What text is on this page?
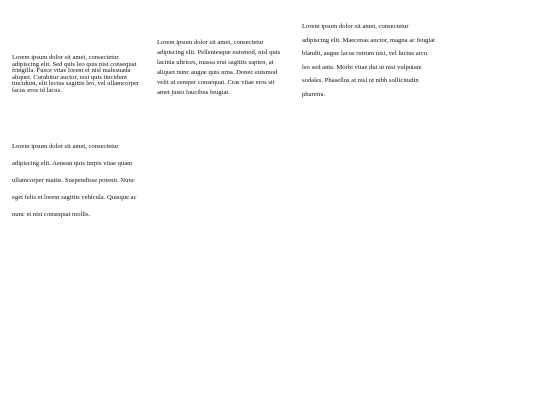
Lorem ipsum dolor sit amet, consectetur adipiscing elit. Sed quis leo quis nisi consequat fringilla. Fusce vitae lorem et nisl malesuada aliquet. Curabitur auctor, nisi quis tincidunt tincidunt, elit lectus sagittis leo, vel ullamcorper lacus eros id lacus.

Lorem ipsum dolor sit amet, consectetur adipiscing elit. Pellentesque euismod, nisl quis lacinia ultrices, massa erat sagittis sapien, at aliquet nunc augue quis urna. Donec euismod velit ut semper consequat. Cras vitae eros sit amet justo faucibus feugiat.

Lorem ipsum dolor sit amet, consectetur adipiscing elit. Maecenas auctor, magna ac feugiat blandit, augue lacus rutrum nisi, vel luctus arcu leo sed ante. Morbi vitae dui ut nisi vulputate sodales. Phasellus at nisl ut nibh sollicitudin pharetra.

Lorem ipsum dolor sit amet, consectetur adipiscing elit. Aenean quis turpis vitae quam ullamcorper mattis. Suspendisse potenti. Nunc eget felis et lorem sagittis vehicula. Quisque ac nunc et nisi consequat mollis.
